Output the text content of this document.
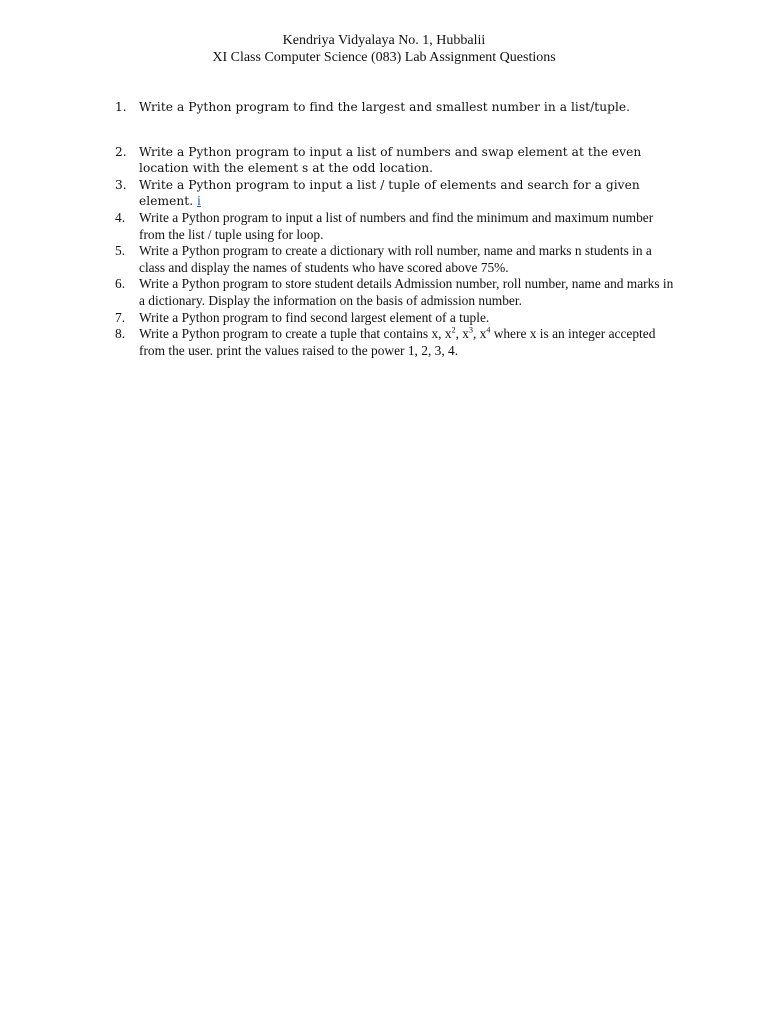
Kendriya Vidyalaya No. 1, Hubbalii
XI Class Computer Science (083) Lab Assignment Questions
1. Write a Python program to find the largest and smallest number in a list/tuple.
2. Write a Python program to input a list of numbers and swap element at the even location with the element s at the odd location.
3. Write a Python program to input a list / tuple of elements and search for a given element. i
4. Write a Python program to input a list of numbers and find the minimum and maximum number from the list / tuple using for loop.
5. Write a Python program to create a dictionary with roll number, name and marks n students in a class and display the names of students who have scored above 75%.
6. Write a Python program to store student details Admission number, roll number, name and marks in a dictionary. Display the information on the basis of admission number.
7. Write a Python program to find second largest element of a tuple.
8. Write a Python program to create a tuple that contains x, $x^2$, $x^3$, $x^4$ where x is an integer accepted from the user. print the values raised to the power 1, 2, 3, 4.
